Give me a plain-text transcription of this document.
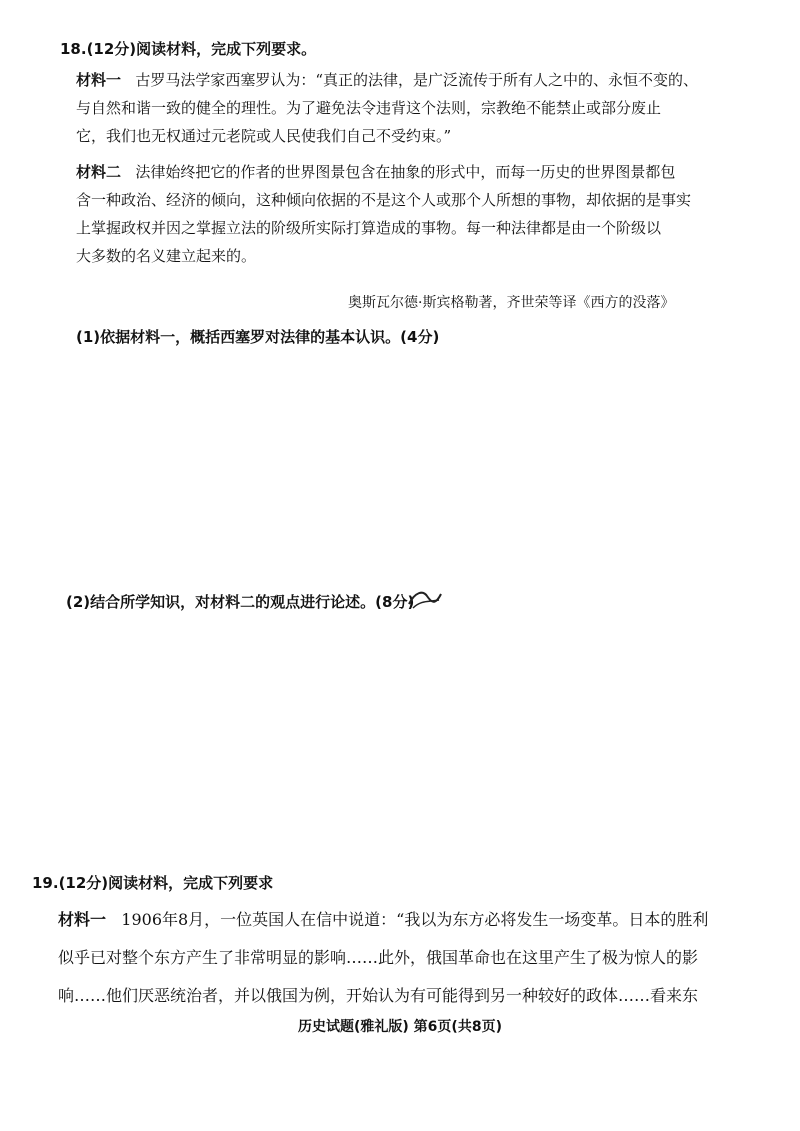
18.(12分)阅读材料，完成下列要求。
材料一 古罗马法学家西塞罗认为：“真正的法律，是广泛流传于所有人之中的、永恒不变的、
与自然和谐一致的健全的理性。为了避免法令违背这个法则，宗教绝不能禁止或部分废止
它，我们也无权通过元老院或人民使我们自己不受约束。”
材料二 法律始终把它的作者的世界图景包含在抽象的形式中，而每一历史的世界图景都包
含一种政治、经济的倾向，这种倾向依据的不是这个人或那个人所想的事物，却依据的是事实
上掌握政权并因之掌握立法的阶级所实际打算造成的事物。每一种法律都是由一个阶级以
大多数的名义建立起来的。
奥斯瓦尔德·斯宾格勒著，齐世荣等译《西方的没落》
(1)依据材料一，概括西塞罗对法律的基本认识。(4分)
(2)结合所学知识，对材料二的观点进行论述。(8分)
19.(12分)阅读材料，完成下列要求
材料一 1906年8月，一位英国人在信中说道：“我以为东方必将发生一场变革。日本的胜利
似乎已对整个东方产生了非常明显的影响……此外，俄国革命也在这里产生了极为惊人的影
响……他们厌恶统治者，并以俄国为例，开始认为有可能得到另一种较好的政体……看来东
历史试题(雅礼版) 第6页(共8页)
